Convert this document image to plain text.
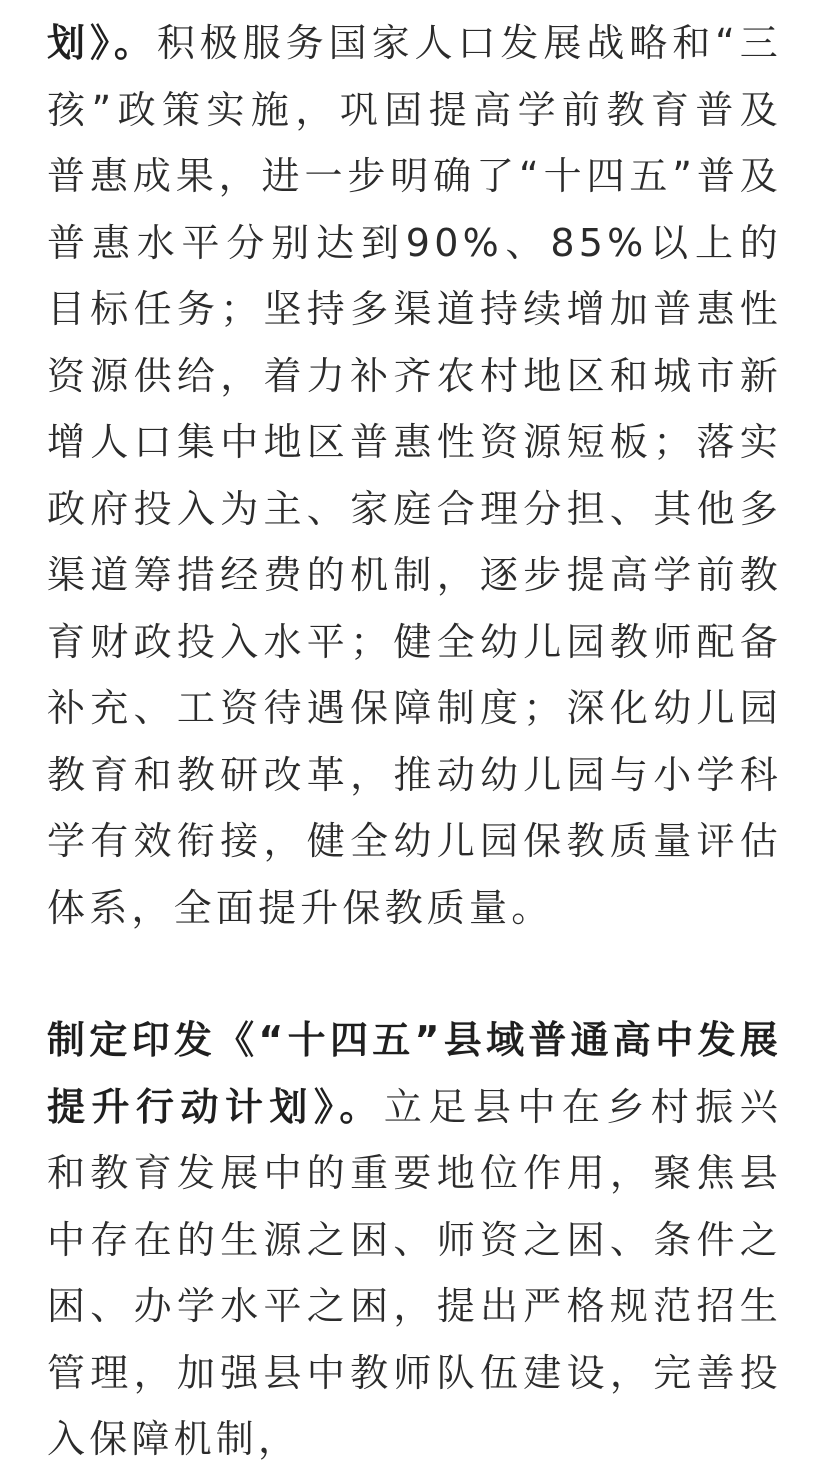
划》。积极服务国家人口发展战略和“三孩”政策实施，巩固提高学前教育普及普惠成果，进一步明确了“十四五”普及普惠水平分别达到90%、85%以上的目标任务；坚持多渠道持续增加普惠性资源供给，着力补齐农村地区和城市新增人口集中地区普惠性资源短板；落实政府投入为主、家庭合理分担、其他多渠道筹措经费的机制，逐步提高学前教育财政投入水平；健全幼儿园教师配备补充、工资待遇保障制度；深化幼儿园教育和教研改革，推动幼儿园与小学科学有效衔接，健全幼儿园保教质量评估体系，全面提升保教质量。

制定印发《“十四五”县域普通高中发展提升行动计划》。立足县中在乡村振兴和教育发展中的重要地位作用，聚焦县中存在的生源之困、师资之困、条件之困、办学水平之困，提出严格规范招生管理，加强县中教师队伍建设，完善投入保障机制，
